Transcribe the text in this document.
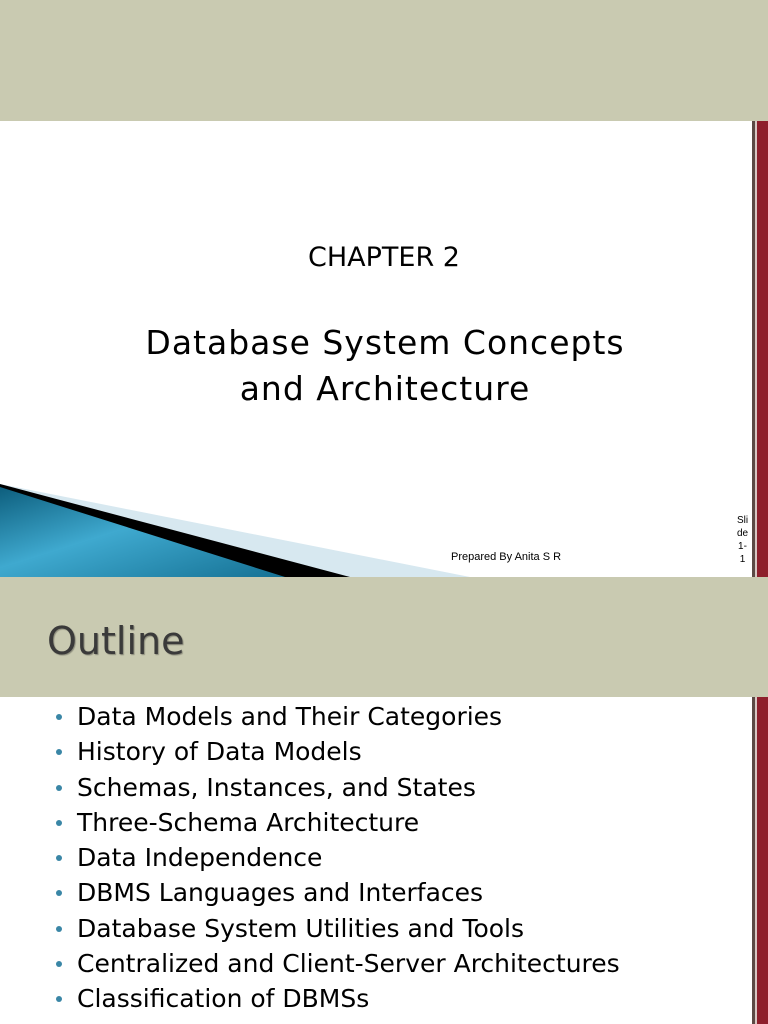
CHAPTER 2
Database System Concepts
and Architecture
Prepared By Anita S R
Sli
de
1-
1
Outline
Data Models and Their Categories
History of Data Models
Schemas, Instances, and States
Three-Schema Architecture
Data Independence
DBMS Languages and Interfaces
Database System Utilities and Tools
Centralized and Client-Server Architectures
Classification of DBMSs
